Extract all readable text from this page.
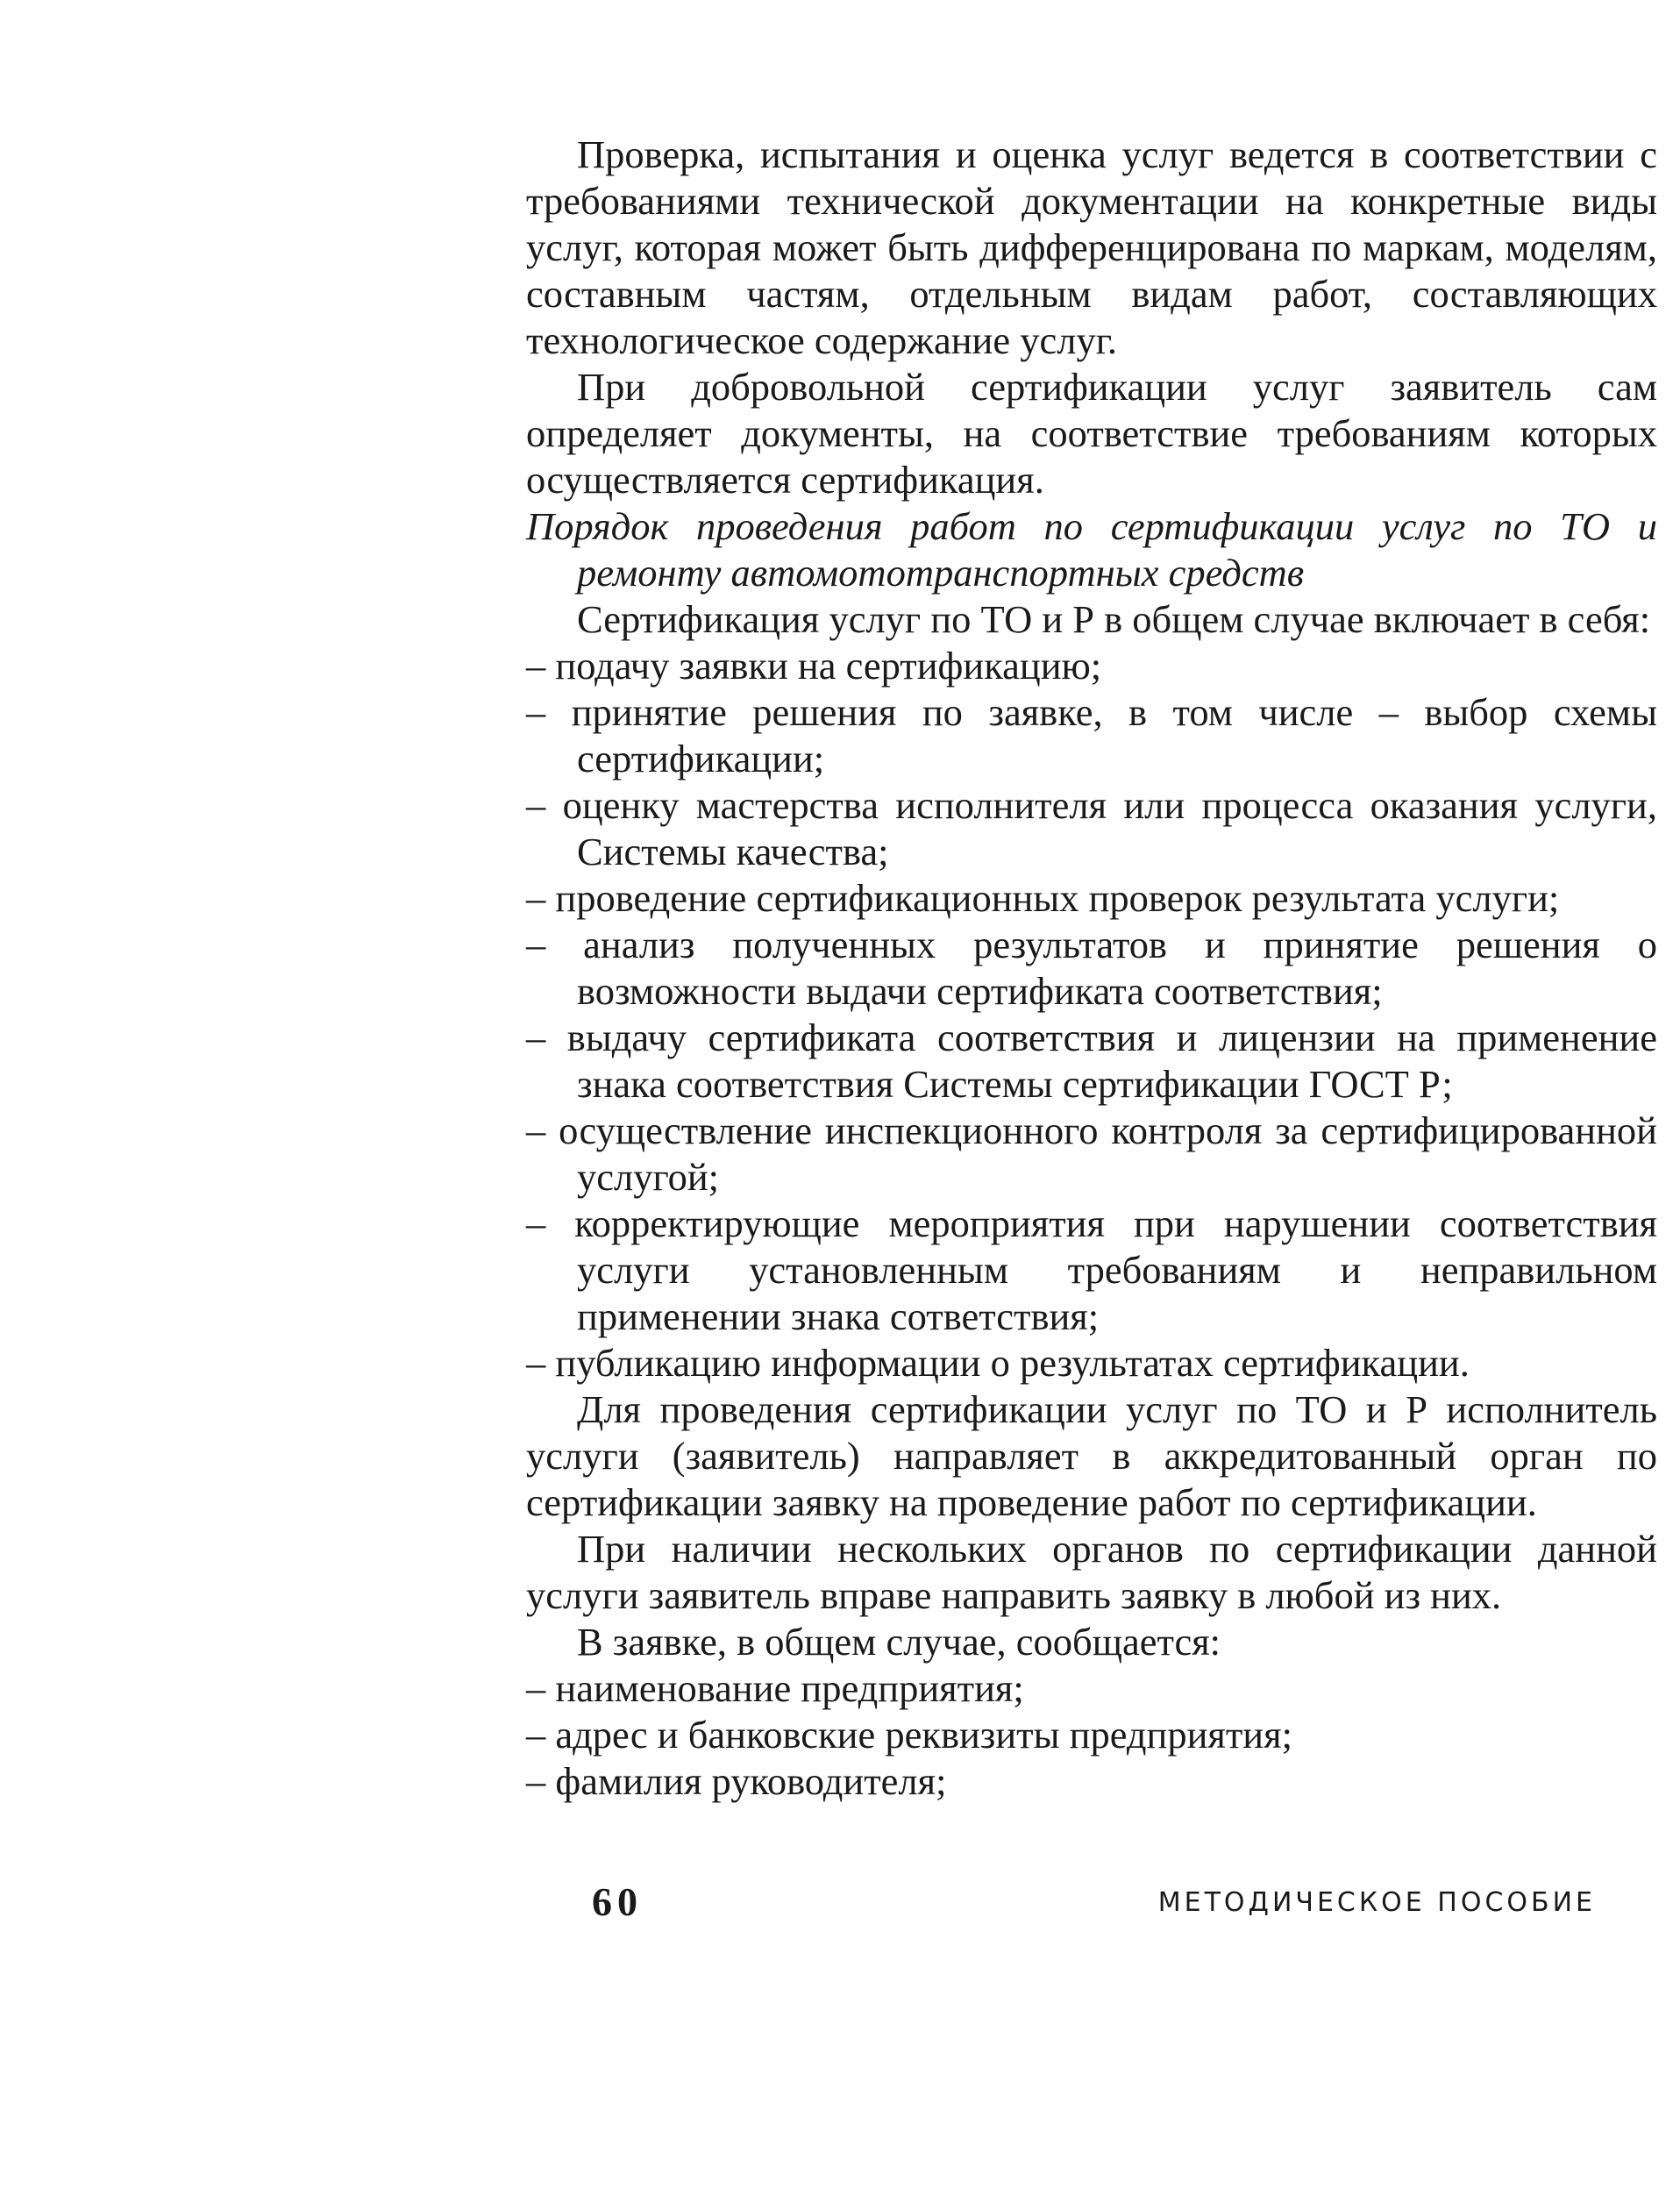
Проверка, испытания и оценка услуг ведется в соответствии с требованиями технической документации на конкретные виды услуг, которая может быть дифференцирована по маркам, моделям, составным частям, отдельным видам работ, составляющих технологическое содержание услуг.

При добровольной сертификации услуг заявитель сам определяет документы, на соответствие требованиям которых осуществляется сертификация.

Порядок проведения работ по сертификации услуг по ТО и ремонту автомототранспортных средств

Сертификация услуг по ТО и Р в общем случае включает в себя:

– подачу заявки на сертификацию;
– принятие решения по заявке, в том числе – выбор схемы сертификации;
– оценку мастерства исполнителя или процесса оказания услуги, Системы качества;
– проведение сертификационных проверок результата услуги;
– анализ полученных результатов и принятие решения о возможности выдачи сертификата соответствия;
– выдачу сертификата соответствия и лицензии на применение знака соответствия Системы сертификации ГОСТ Р;
– осуществление инспекционного контроля за сертифицированной услугой;
– корректирующие мероприятия при нарушении соответствия услуги установленным требованиям и неправильном применении знака сответствия;
– публикацию информации о результатах сертификации.

Для проведения сертификации услуг по ТО и Р исполнитель услуги (заявитель) направляет в аккредитованный орган по сертификации заявку на проведение работ по сертификации.

При наличии нескольких органов по сертификации данной услуги заявитель вправе направить заявку в любой из них.

В заявке, в общем случае, сообщается:

– наименование предприятия;
– адрес и банковские реквизиты предприятия;
– фамилия руководителя;
60	МЕТОДИЧЕСКОЕ ПОСОБИЕ
